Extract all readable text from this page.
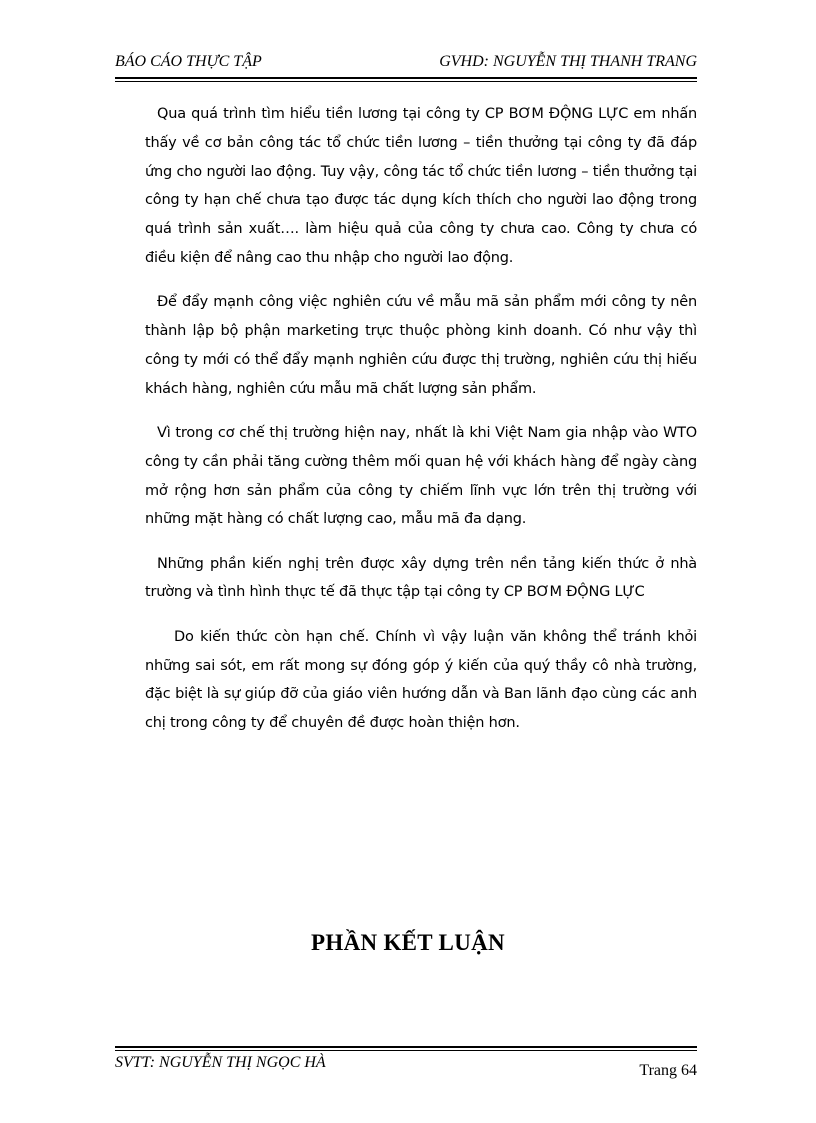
BÁO CÁO THỰC TẬP	GVHD: NGUYỄN THỊ THANH TRANG

Qua quá trình tìm hiểu tiền lương tại công ty CP BƠM ĐỘNG LỰC em nhấn thấy về cơ bản công tác tổ chức tiền lương – tiền thưởng tại công ty đã đáp ứng cho người lao động. Tuy vậy, công tác tổ chức tiền lương – tiền thưởng tại công ty hạn chế chưa tạo được tác dụng kích thích cho người lao động trong quá trình sản xuất…. làm hiệu quả của công ty chưa cao. Công ty chưa có điều kiện để nâng cao thu nhập cho người lao động.

Để đẩy mạnh công việc nghiên cứu về mẫu mã sản phẩm mới công ty nên thành lập bộ phận marketing trực thuộc phòng kinh doanh. Có như vậy thì công ty mới có thể đẩy mạnh nghiên cứu được thị trường, nghiên cứu thị hiếu khách hàng, nghiên cứu mẫu mã chất lượng sản phẩm.

Vì trong cơ chế thị trường hiện nay, nhất là khi Việt Nam gia nhập vào WTO công ty cần phải tăng cường thêm mối quan hệ với khách hàng để ngày càng mở rộng hơn sản phẩm của công ty chiếm lĩnh vực lớn trên thị trường với những mặt hàng có chất lượng cao, mẫu mã đa dạng.

Những phần kiến nghị trên được xây dựng trên nền tảng kiến thức ở nhà trường và tình hình thực tế đã thực tập tại công ty CP BƠM ĐỘNG LỰC

Do kiến thức còn hạn chế. Chính vì vậy luận văn không thể tránh khỏi những sai sót, em rất mong sự đóng góp ý kiến của quý thầy cô nhà trường, đặc biệt là sự giúp đỡ của giáo viên hướng dẫn và Ban lãnh đạo cùng các anh chị trong công ty để chuyên đề được hoàn thiện hơn.

PHẦN KẾT LUẬN
SVTT: NGUYỄN THỊ NGỌC HÀ	Trang 64
